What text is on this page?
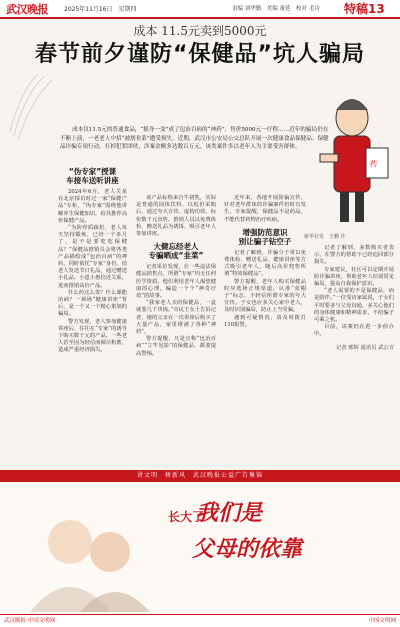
武汉晚报	2025年11月16日　星期四	责编 刘华勤　美编 董延　校对 毛诗 特稿13
成本 11.5元卖到5000元
春节前夕谨防“保健品”坑人骗局
成本仅11.5元的普通食品，“摇身一变”成了包治百病的“神药”，售价5000元一疗程……近年的骗局仍在不断上演，一老老人中招“被割韭菜”遭受损失。近期，武汉市公安局公交总队开展一次健康食品保健品、保健品诈骗专项行动，打掉犯罪团伙，涉案金额多达数百万元，该类案件多以老年人为主要受害群体。
药
新华社发　王鹏 作
“伪专家”授课
车接车送听讲座

2024年6月，老人关某在北京探访时过一家“保健产品”专柜，“伪专家”围绕他讲解养生保健知识，给其推荐高价保健产品。

“为防骨质疏松，老人每天坚持锻炼，已经一个多月了，是不是要吃吃保健品？”保健品推销员会将各类产品描绘成“包治百病”的神药，同时依托“专家”身份，给老人发送节日礼品，通过赠送小礼品、小恩小惠拉近关系，进而推销高价产品。

什么药这么贵？什么课能治病？一场场“健康讲座”背后，是一个又一个精心策划的骗局。

警方发现，老人参加健康讲座后，往往在“专家”的诱导下购买数千元的产品，一些老人甚至因为轻信而倾尽积蓄，造成严重经济损失。

该产品标称来自牛初乳，实际是普通的固体饮料，以低价采购后，通过夸大宣传、虚构功效，标价数千元出售。推销人员以免费体检、赠送礼品为诱饵，吸引老年人参加讲座。

大健忘经老人
专骗晒成“韭菜”

记者采访发现，在一些违法保健品销售点，所谓“专家”均无任何医学资质，他们利用老年人渴望健康的心理，编造一个个“神奇疗效”的故事。

“我家老人买的保健品，一盒就要几千块钱。”市民王女士告诉记者，她的父亲在一次讲座后购买了大量产品，家里堆满了各种“神药”。

警方提醒，凡是宣称“包治百病”“立竿见影”的保健品，都要提高警惕。

近年来，各地开展防骗宣传，针对老年群体的诈骗案件仍时有发生。专家提醒，保健品不是药品，不能代替药物治疗疾病。

增强防范意识
别让骗子钻空子

记者了解到，诈骗分子常以免费体检、赠送礼品、健康讲座等方式吸引老年人，随后高价兜售所谓“特效保健品”。

警方提醒，老年人购买保健品时应选择正规渠道，认准“蓝帽子”标志，不轻信所谓专家的夸大宣传。子女也应多关心家中老人，及时识别骗局，防止上当受骗。

遇到可疑情况，请及时拨打110报警。

记者了解到，多数购买者表示，在警方的帮助下已经追回部分损失。

专家建议，社区可以定期开展防诈骗讲座，帮助老年人识别常见骗局，提高自我保护意识。

“老人需要的不是保健品，而是陪伴。”一位受访家属说，子女们平时要多与父母沟通，多关心他们的身体健康和精神需求，不给骗子可乘之机。

目前，该案仍在进一步侦办中。

记者 邢辉 通讯员 武公宣
讲文明　树新风　武汉晚报公益广告集锦
长大了
我们是
父母的依靠
武汉晚报 中国文明网	中国文明网
